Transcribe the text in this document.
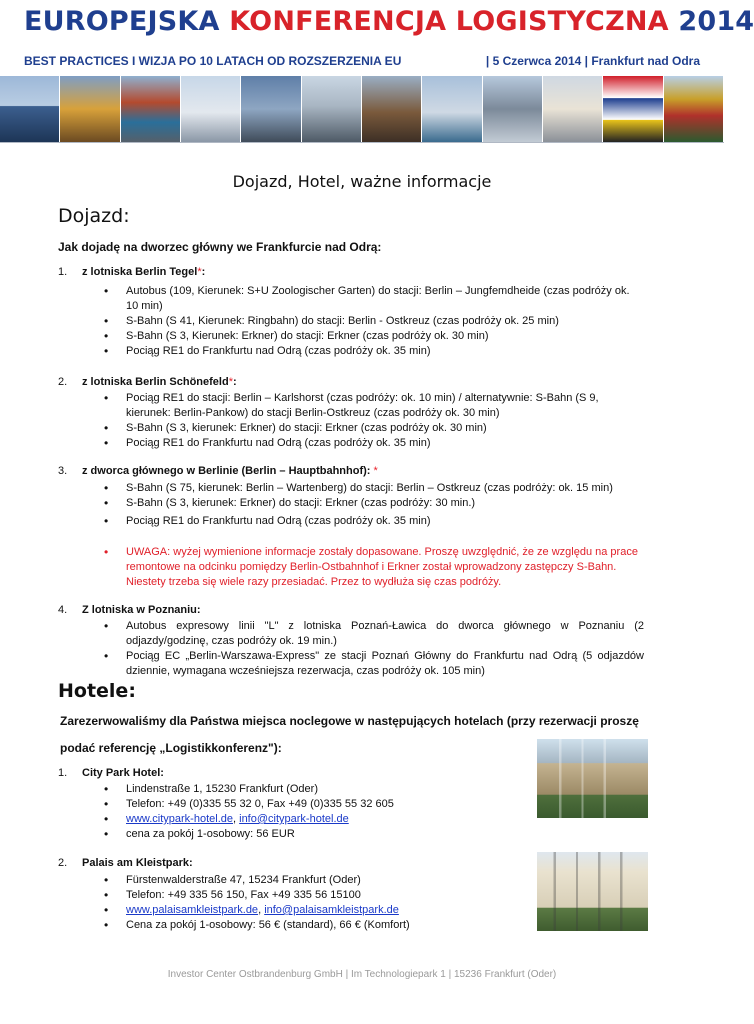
EUROPEJSKA KONFERENCJA LOGISTYCZNA 2014
BEST PRACTICES I WIZJA PO 10 LATACH OD ROZSZERZENIA EU	| 5 Czerwca 2014 | Frankfurt nad Odra
Dojazd, Hotel, ważne informacje
Dojazd:
Jak dojadę na dworzec główny we Frankfurcie nad Odrą:
1. z lotniska Berlin Tegel*:
• Autobus (109, Kierunek: S+U Zoologischer Garten) do stacji: Berlin – Jungfemdheide (czas podróży ok. 10 min)
• S-Bahn (S 41, Kierunek: Ringbahn) do stacji: Berlin - Ostkreuz (czas podróży ok. 25 min)
• S-Bahn (S 3, Kierunek: Erkner) do stacji: Erkner (czas podróży ok. 30 min)
• Pociąg RE1 do Frankfurtu nad Odrą (czas podróży ok. 35 min)
2. z lotniska Berlin Schönefeld*:
• Pociąg RE1 do stacji: Berlin – Karlshorst (czas podróży: ok. 10 min) / alternatywnie: S-Bahn (S 9, kierunek: Berlin-Pankow) do stacji Berlin-Ostkreuz (czas podróży ok. 30 min)
• S-Bahn (S 3, kierunek: Erkner) do stacji: Erkner (czas podróży ok. 30 min)
• Pociąg RE1 do Frankfurtu nad Odrą (czas podróży ok. 35 min)
3. z dworca głównego w Berlinie (Berlin – Hauptbahnhof): *
• S-Bahn (S 75, kierunek: Berlin – Wartenberg) do stacji: Berlin – Ostkreuz (czas podróży: ok. 15 min)
• S-Bahn (S 3, kierunek: Erkner) do stacji: Erkner (czas podróży: 30 min.)
• Pociąg RE1 do Frankfurtu nad Odrą (czas podróży ok. 35 min)
• UWAGA: wyżej wymienione informacje zostały dopasowane. Proszę uwzględnić, że ze względu na prace remontowe na odcinku pomiędzy Berlin-Ostbahnhof i Erkner został wprowadzony zastępczy S-Bahn. Niestety trzeba się wiele razy przesiadać. Przez to wydłuża się czas podróży.
4. Z lotniska w Poznaniu:
• Autobus expresowy linii "L" z lotniska Poznań-Ławica do dworca głównego w Poznaniu (2 odjazdy/godzinę, czas podróży ok. 19 min.)
• Pociąg EC „Berlin-Warszawa-Express" ze stacji Poznań Główny do Frankfurtu nad Odrą (5 odjazdów dziennie, wymagana wcześniejsza rezerwacja, czas podróży ok. 105 min)
Hotele:
Zarezerwowaliśmy dla Państwa miejsca noclegowe w następujących hotelach (przy rezerwacji proszę
podać referencję „Logistikkonferenz"):
1. City Park Hotel:
• Lindenstraße 1, 15230 Frankfurt (Oder)
• Telefon: +49 (0)335 55 32 0, Fax +49 (0)335 55 32 605
• www.citypark-hotel.de, info@citypark-hotel.de
• cena za pokój 1-osobowy: 56 EUR
2. Palais am Kleistpark:
• Fürstenwalderstraße 47, 15234 Frankfurt (Oder)
• Telefon: +49 335 56 150, Fax +49 335 56 15100
• www.palaisamkleistpark.de, info@palaisamkleistpark.de
• Cena za pokój 1-osobowy: 56 € (standard), 66 € (Komfort)
Investor Center Ostbrandenburg GmbH | Im Technologiepark 1 | 15236 Frankfurt (Oder)
